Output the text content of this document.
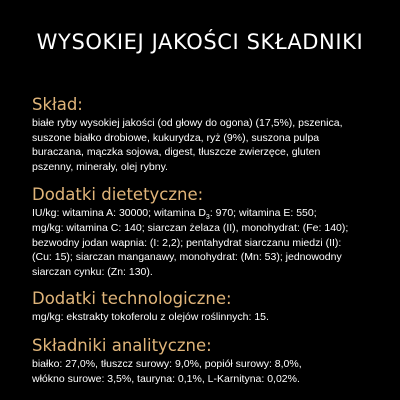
WYSOKIEJ JAKOŚCI SKŁADNIKI
Skład:
białe ryby wysokiej jakości (od głowy do ogona) (17,5%), pszenica,
suszone białko drobiowe, kukurydza, ryż (9%), suszona pulpa
buraczana, mączka sojowa, digest, tłuszcze zwierzęce, gluten
pszenny, minerały, olej rybny.
Dodatki dietetyczne:
IU/kg: witamina A: 30000; witamina $D_3$: 970; witamina E: 550;
mg/kg: witamina C: 140; siarczan żelaza (II), monohydrat: (Fe: 140);
bezwodny jodan wapnia: (I: 2,2); pentahydrat siarczanu miedzi (II):
(Cu: 15); siarczan manganawy, monohydrat: (Mn: 53); jednowodny
siarczan cynku: (Zn: 130).
Dodatki technologiczne:
mg/kg: ekstrakty tokoferolu z olejów roślinnych: 15.
Składniki analityczne:
białko: 27,0%, tłuszcz surowy: 9,0%, popiół surowy: 8,0%,
włókno surowe: 3,5%, tauryna: 0,1%, L-Karnityna: 0,02%.
